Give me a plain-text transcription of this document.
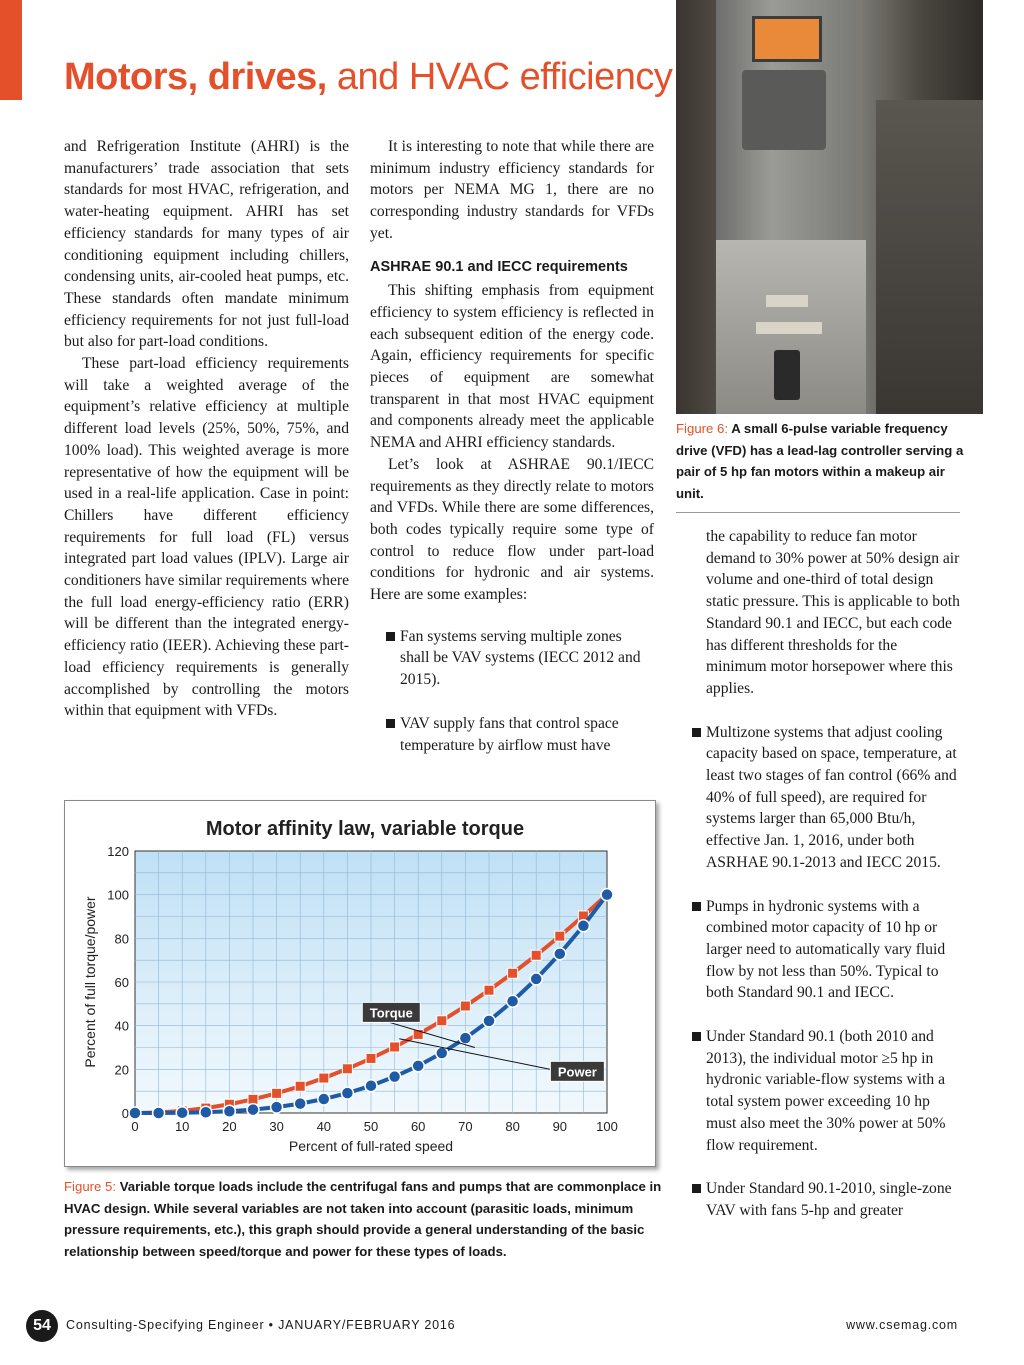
Motors, drives, and HVAC efficiency

and Refrigeration Institute (AHRI) is the manufacturers’ trade association that sets standards for most HVAC, refrigeration, and water-heating equipment. AHRI has set efficiency standards for many types of air conditioning equipment including chillers, condensing units, air-cooled heat pumps, etc. These standards often mandate minimum efficiency requirements for not just full-load but also for part-load conditions.

These part-load efficiency requirements will take a weighted average of the equipment’s relative efficiency at multiple different load levels (25%, 50%, 75%, and 100% load). This weighted average is more representative of how the equipment will be used in a real-life application. Case in point: Chillers have different efficiency requirements for full load (FL) versus integrated part load values (IPLV). Large air conditioners have similar requirements where the full load energy-efficiency ratio (ERR) will be different than the integrated energy-efficiency ratio (IEER). Achieving these part-load efficiency requirements is generally accomplished by controlling the motors within that equipment with VFDs.

It is interesting to note that while there are minimum industry efficiency standards for motors per NEMA MG 1, there are no corresponding industry standards for VFDs yet.

ASHRAE 90.1 and IECC requirements

This shifting emphasis from equipment efficiency to system efficiency is reflected in each subsequent edition of the energy code. Again, efficiency requirements for specific pieces of equipment are somewhat transparent in that most HVAC equipment and components already meet the applicable NEMA and AHRI efficiency standards.

Let’s look at ASHRAE 90.1/IECC requirements as they directly relate to motors and VFDs. While there are some differences, both codes typically require some type of control to reduce flow under part-load conditions for hydronic and air systems. Here are some examples:

Fan systems serving multiple zones shall be VAV systems (IECC 2012 and 2015).
VAV supply fans that control space temperature by airflow must have
Figure 6: A small 6-pulse variable frequency drive (VFD) has a lead-lag controller serving a pair of 5 hp fan motors within a makeup air unit.

the capability to reduce fan motor demand to 30% power at 50% design air volume and one-third of total design static pressure. This is applicable to both Standard 90.1 and IECC, but each code has different thresholds for the minimum motor horsepower where this applies.

Multizone systems that adjust cooling capacity based on space, temperature, at least two stages of fan control (66% and 40% of full speed), are required for systems larger than 65,000 Btu/h, effective Jan. 1, 2016, under both ASRHAE 90.1-2013 and IECC 2015.
Pumps in hydronic systems with a combined motor capacity of 10 hp or larger need to automatically vary fluid flow by not less than 50%. Typical to both Standard 90.1 and IECC.
Under Standard 90.1 (both 2010 and 2013), the individual motor ≥5 hp in hydronic variable-flow systems with a total system power exceeding 10 hp must also meet the 30% power at 50% flow requirement.
Under Standard 90.1-2010, single-zone VAV with fans 5-hp and greater
0	10	20	30	40	50	60	70	80	90 100
0
20
40
60
80
100
120
Motor affinity law, variable torque
Percent of full-rated speed
Percent of full torque/power	Torque
Power
Figure 5: Variable torque loads include the centrifugal fans and pumps that are commonplace in HVAC design. While several variables are not taken into account (parasitic loads, minimum pressure requirements, etc.), this graph should provide a general understanding of the basic relationship between speed/torque and power for these types of loads.
54	Consulting-Specifying Engineer • JANUARY/FEBRUARY 2016	www.csemag.com
